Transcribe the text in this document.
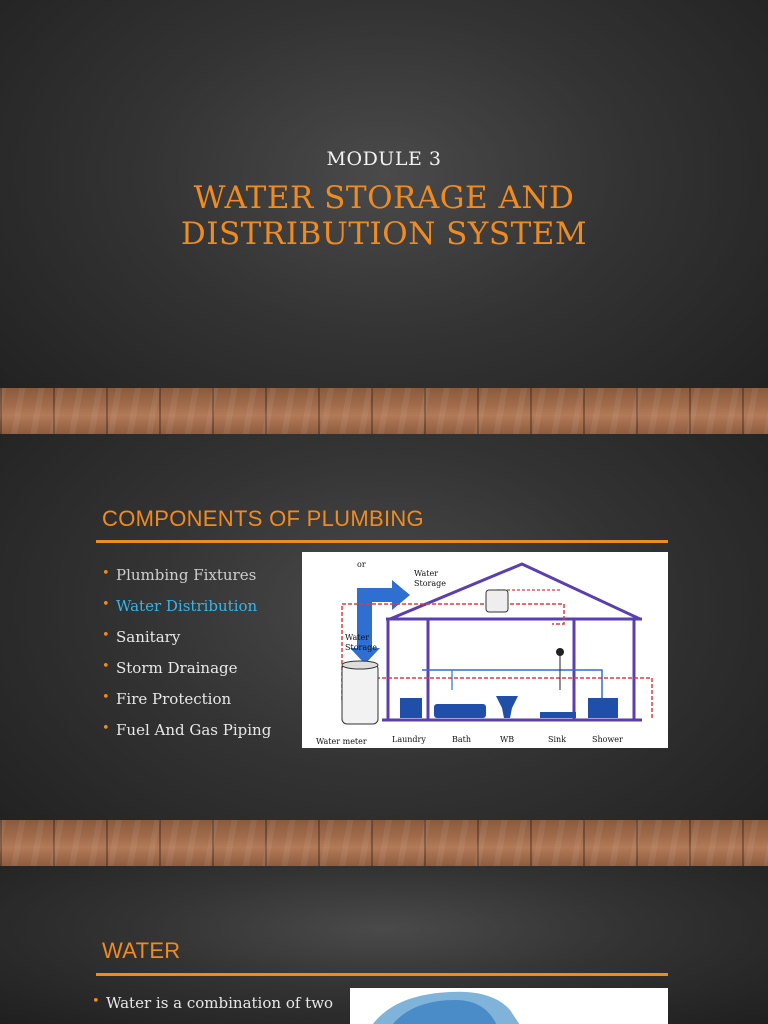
MODULE 3
WATER STORAGE AND
DISTRIBUTION SYSTEM
COMPONENTS OF PLUMBING
• Plumbing Fixtures
• Water Distribution
• Sanitary
• Storm Drainage
• Fire Protection
• Fuel And Gas Piping
or
Water
Storage
Water
Storage
Water meter	Laundry	Bath	WB	Sink	Shower
WATER
• Water is a combination of two
